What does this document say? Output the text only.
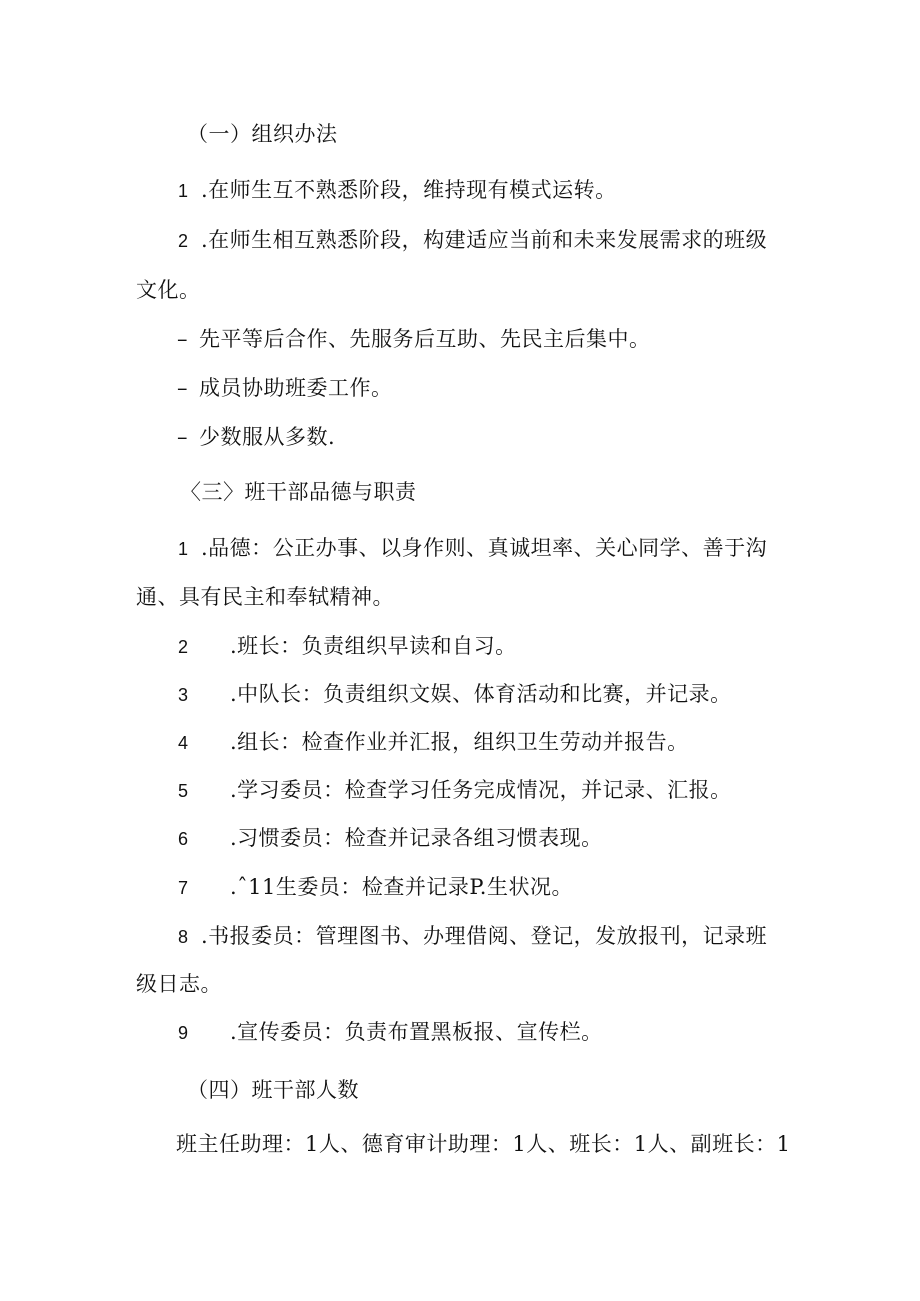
（一）组织办法
1 .在师生互不熟悉阶段，维持现有模式运转。
2 .在师生相互熟悉阶段，构建适应当前和未来发展需求的班级
文化。
– 先平等后合作、先服务后互助、先民主后集中。
– 成员协助班委工作。
– 少数服从多数.
〈三〉班干部品德与职责
1 .品德：公正办事、以身作则、真诚坦率、关心同学、善于沟
通、具有民主和奉轼精神。
2 .班长：负责组织早读和自习。
3 .中队长：负责组织文娱、体育活动和比赛，并记录。
4 .组长：检查作业并汇报，组织卫生劳动并报告。
5 .学习委员：检查学习任务完成情况，并记录、汇报。
6 .习惯委员：检查并记录各组习惯表现。
7 .ˆ11生委员：检查并记录P.生状况。
8 .书报委员：管理图书、办理借阅、登记，发放报刊，记录班
级日志。
9 .宣传委员：负责布置黑板报、宣传栏。
（四）班干部人数
班主任助理：1人、德育审计助理：1人、班长：1人、副班长：1
